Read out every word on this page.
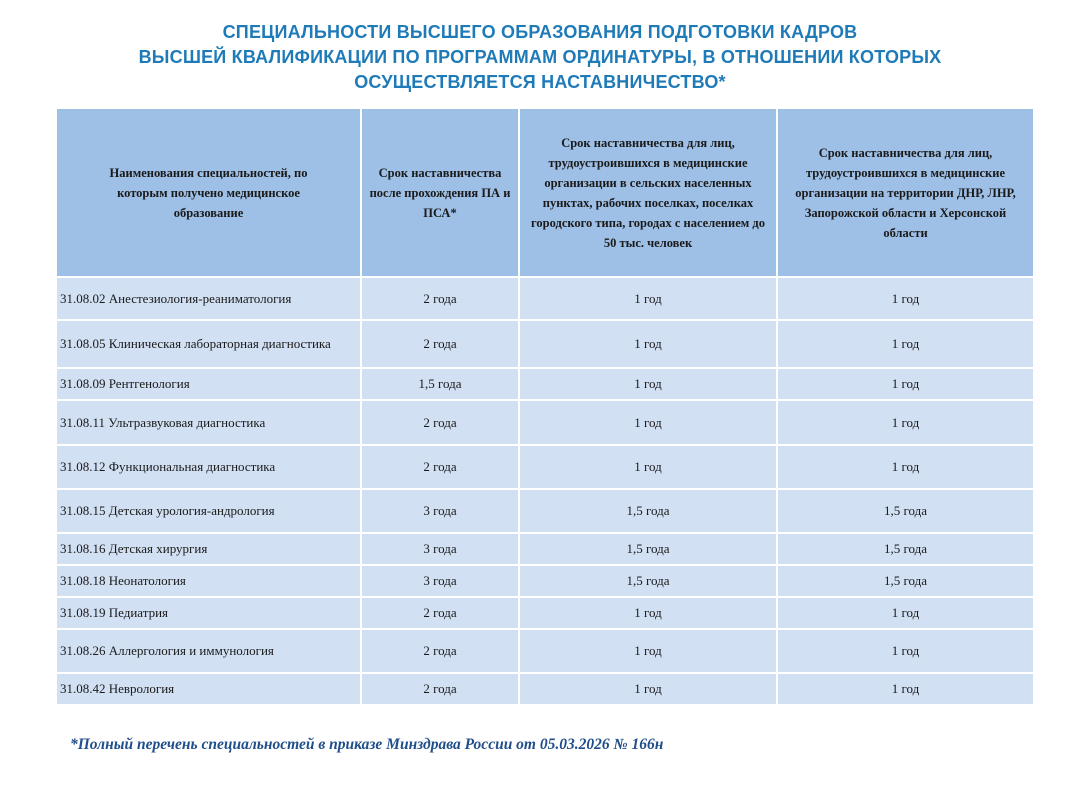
СПЕЦИАЛЬНОСТИ ВЫСШЕГО ОБРАЗОВАНИЯ ПОДГОТОВКИ КАДРОВ
ВЫСШЕЙ КВАЛИФИКАЦИИ ПО ПРОГРАММАМ ОРДИНАТУРЫ, В ОТНОШЕНИИ КОТОРЫХ
ОСУЩЕСТВЛЯЕТСЯ НАСТАВНИЧЕСТВО*
Наименования специальностей, по которым получено медицинское образование	Срок наставничества после прохождения ПА и ПСА*	Срок наставничества для лиц, трудоустроившихся в медицинские организации в сельских населенных пунктах, рабочих поселках, поселках городского типа, городах с населением до 50 тыс. человек	Срок наставничества для лиц, трудоустроившихся в медицинские организации на территории ДНР, ЛНР, Запорожской области и Херсонской области
31.08.02 Анестезиология-реаниматология	2 года	1 год	1 год
31.08.05 Клиническая лабораторная диагностика	2 года	1 год	1 год
31.08.09 Рентгенология	1,5 года	1 год	1 год
31.08.11 Ультразвуковая диагностика	2 года	1 год	1 год
31.08.12 Функциональная диагностика	2 года	1 год	1 год
31.08.15 Детская урология-андрология	3 года	1,5 года	1,5 года
31.08.16 Детская хирургия	3 года	1,5 года	1,5 года
31.08.18 Неонатология	3 года	1,5 года	1,5 года
31.08.19 Педиатрия	2 года	1 год	1 год
31.08.26 Аллергология и иммунология	2 года	1 год	1 год
31.08.42 Неврология	2 года	1 год	1 год
*Полный перечень специальностей в приказе Минздрава России от 05.03.2026 № 166н
